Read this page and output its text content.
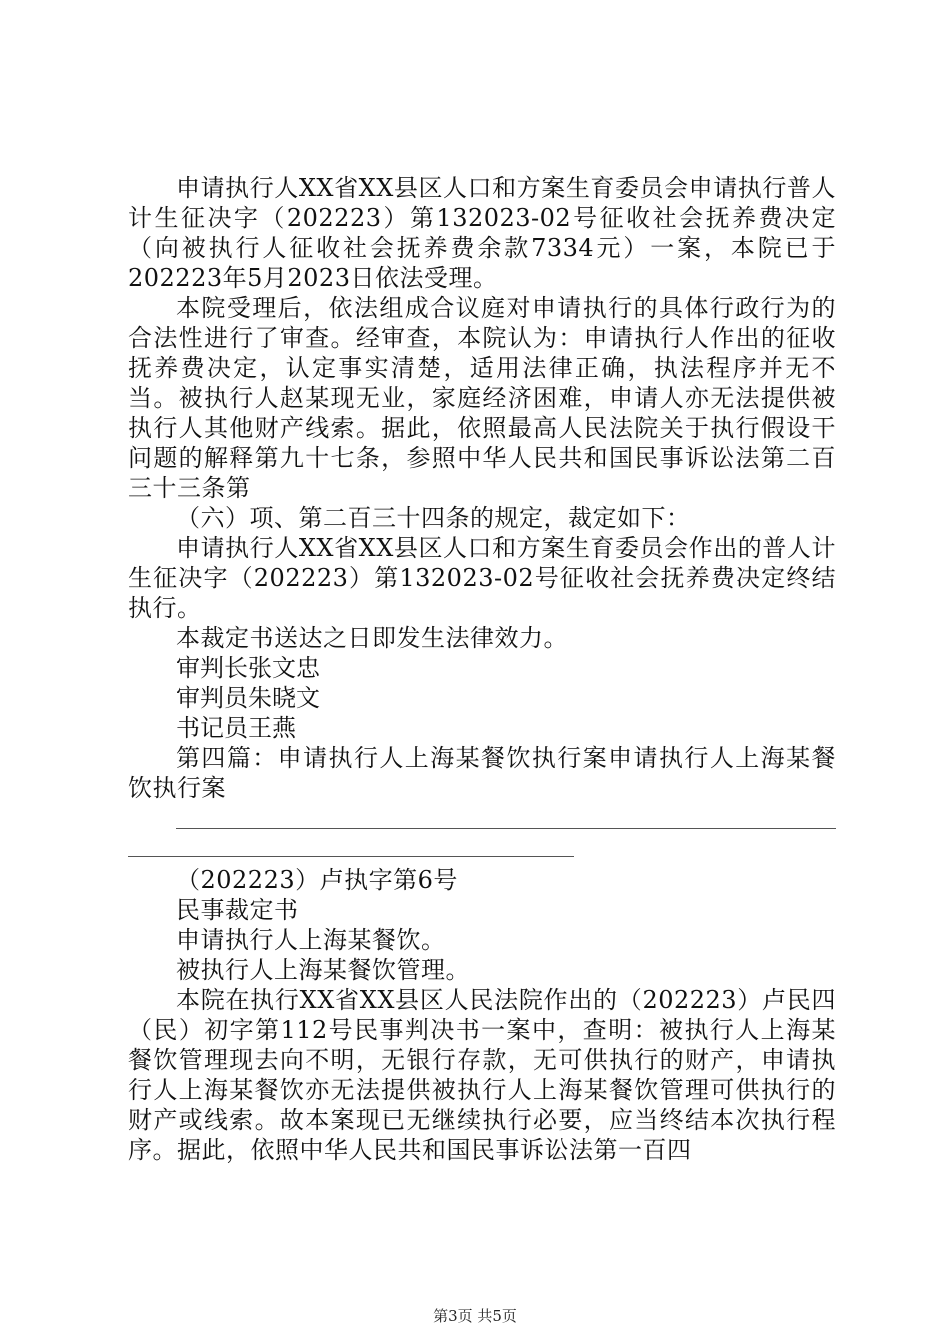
申请执行人XX省XX县区人口和方案生育委员会申请执行普人计生征决字（202223）第132023-02号征收社会抚养费决定（向被执行人征收社会抚养费余款7334元）一案，本院已于202223年5月2023日依法受理。

本院受理后，依法组成合议庭对申请执行的具体行政行为的合法性进行了审查。经审查，本院认为：申请执行人作出的征收抚养费决定，认定事实清楚，适用法律正确，执法程序并无不当。被执行人赵某现无业，家庭经济困难，申请人亦无法提供被执行人其他财产线索。据此，依照最高人民法院关于执行假设干问题的解释第九十七条，参照中华人民共和国民事诉讼法第二百三十三条第

（六）项、第二百三十四条的规定，裁定如下：

申请执行人XX省XX县区人口和方案生育委员会作出的普人计生征决字（202223）第132023-02号征收社会抚养费决定终结执行。

本裁定书送达之日即发生法律效力。

审判长张文忠

审判员朱晓文

书记员王燕

第四篇：申请执行人上海某餐饮执行案申请执行人上海某餐饮执行案

（202223）卢执字第6号

民事裁定书

申请执行人上海某餐饮。

被执行人上海某餐饮管理。

本院在执行XX省XX县区人民法院作出的（202223）卢民四（民）初字第112号民事判决书一案中，查明：被执行人上海某餐饮管理现去向不明，无银行存款，无可供执行的财产，申请执行人上海某餐饮亦无法提供被执行人上海某餐饮管理可供执行的财产或线索。故本案现已无继续执行必要，应当终结本次执行程序。据此，依照中华人民共和国民事诉讼法第一百四

第3页 共5页
